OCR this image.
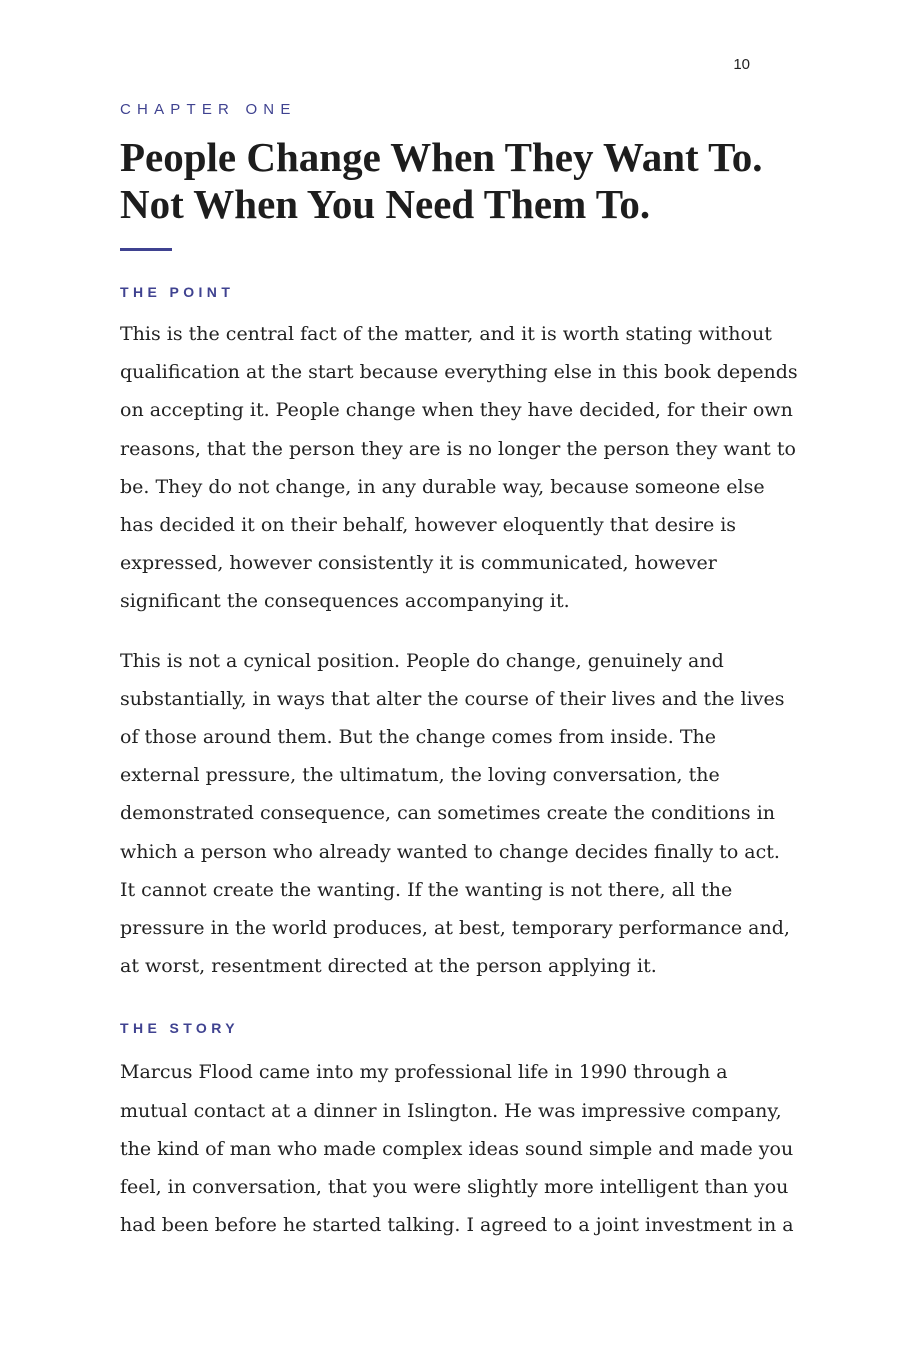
10

CHAPTER ONE

People Change When They Want To.
Not When You Need Them To.
THE POINT

This is the central fact of the matter, and it is worth stating without qualification at the start because everything else in this book depends on accepting it. People change when they have decided, for their own reasons, that the person they are is no longer the person they want to be. They do not change, in any durable way, because someone else has decided it on their behalf, however eloquently that desire is expressed, however consistently it is communicated, however significant the consequences accompanying it.

This is not a cynical position. People do change, genuinely and substantially, in ways that alter the course of their lives and the lives of those around them. But the change comes from inside. The external pressure, the ultimatum, the loving conversation, the demonstrated consequence, can sometimes create the conditions in which a person who already wanted to change decides finally to act. It cannot create the wanting. If the wanting is not there, all the pressure in the world produces, at best, temporary performance and, at worst, resentment directed at the person applying it.

THE STORY

Marcus Flood came into my professional life in 1990 through a mutual contact at a dinner in Islington. He was impressive company, the kind of man who made complex ideas sound simple and made you feel, in conversation, that you were slightly more intelligent than you had been before he started talking. I agreed to a joint investment in a
